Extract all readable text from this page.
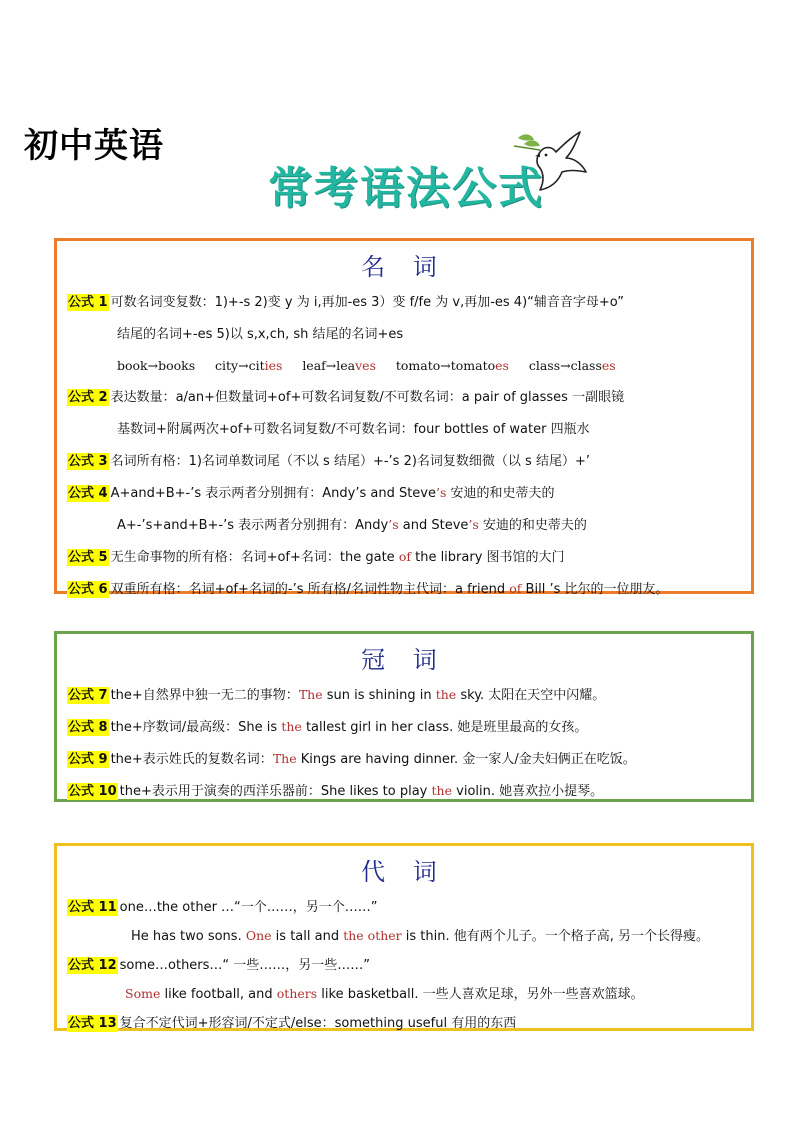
初中英语
常考语法公式
名 词
公式 1 可数名词变复数：1)+-s 2)变 y 为 i,再加-es 3）变 f/fe 为 v,再加-es 4)“辅音音字母+o”
结尾的名词+-es 5)以 s,x,ch, sh 结尾的名词+es
book→books city→cities leaf→leaves tomato→tomatoes class→classes
公式 2 表达数量：a/an+但数量词+of+可数名词复数/不可数名词：a pair of glasses 一副眼镜
基数词+附属两次+of+可数名词复数/不可数名词：four bottles of water 四瓶水
公式 3 名词所有格：1)名词单数词尾（不以 s 结尾）+-’s 2)名词复数细微（以 s 结尾）+’
公式 4 A+and+B+-’s 表示两者分别拥有：Andy’s and Steve’s 安迪的和史蒂夫的
A+-’s+and+B+-’s 表示两者分别拥有：Andy’s and Steve’s 安迪的和史蒂夫的
公式 5 无生命事物的所有格：名词+of+名词：the gate of the library 图书馆的大门
公式 6 双重所有格：名词+of+名词的-’s 所有格/名词性物主代词：a friend of Bill ’s 比尔的一位朋友。
冠 词
公式 7 the+自然界中独一无二的事物：The sun is shining in the sky. 太阳在天空中闪耀。
公式 8 the+序数词/最高级：She is the tallest girl in her class. 她是班里最高的女孩。
公式 9 the+表示姓氏的复数名词：The Kings are having dinner. 金一家人/金夫妇俩正在吃饭。
公式 10 the+表示用于演奏的西洋乐器前：She likes to play the violin. 她喜欢拉小提琴。
代 词
公式 11 one…the other …“一个……，另一个……”
He has two sons. One is tall and the other is thin. 他有两个儿子。一个格子高, 另一个长得瘦。
公式 12 some…others…“ 一些……，另一些……”
Some like football, and others like basketball. 一些人喜欢足球，另外一些喜欢篮球。
公式 13 复合不定代词+形容词/不定式/else：something useful 有用的东西
